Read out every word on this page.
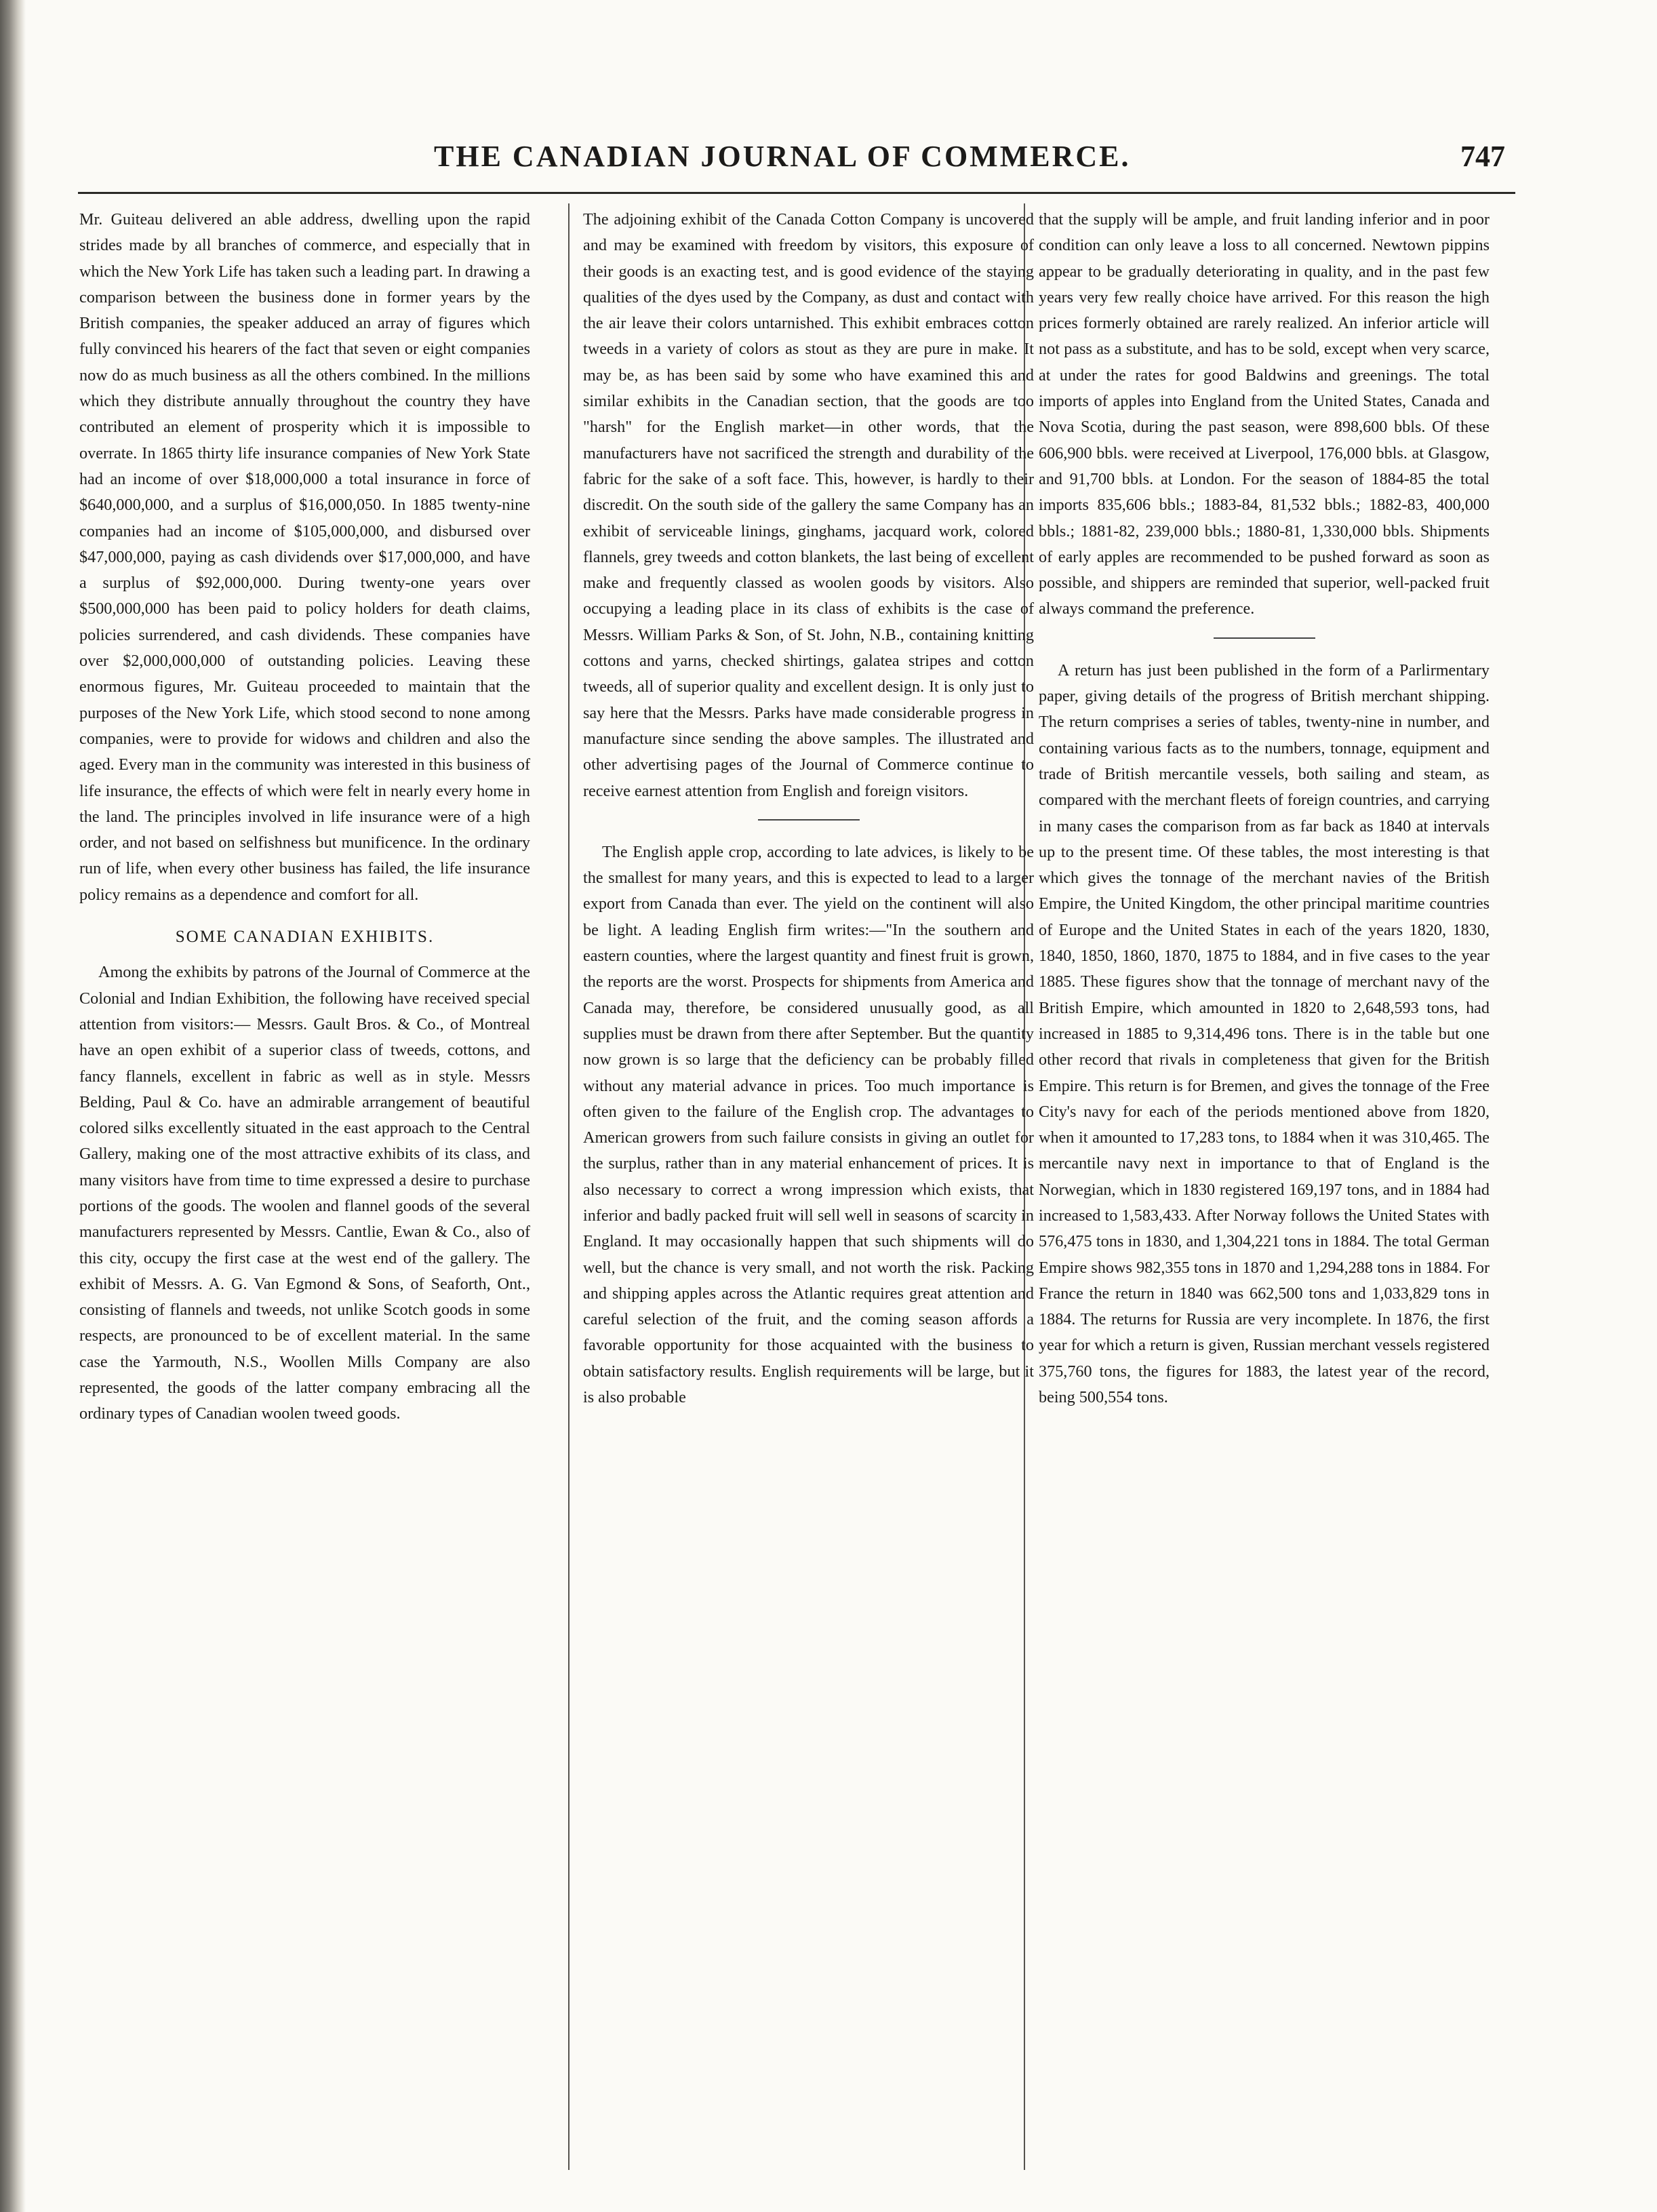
THE CANADIAN JOURNAL OF COMMERCE.	747

Mr. Guiteau delivered an able address, dwelling upon the rapid strides made by all branches of commerce, and especially that in which the New York Life has taken such a leading part. In drawing a comparison between the business done in former years by the British companies, the speaker adduced an array of figures which fully convinced his hearers of the fact that seven or eight companies now do as much business as all the others combined. In the millions which they distribute annually throughout the country they have contributed an element of prosperity which it is impossible to overrate. In 1865 thirty life insurance companies of New York State had an income of over $18,000,000 a total insurance in force of $640,000,000, and a surplus of $16,000,050. In 1885 twenty-nine companies had an income of $105,000,000, and disbursed over $47,000,000, paying as cash dividends over $17,000,000, and have a surplus of $92,000,000. During twenty-one years over $500,000,000 has been paid to policy holders for death claims, policies surrendered, and cash dividends. These companies have over $2,000,000,000 of outstanding policies. Leaving these enormous figures, Mr. Guiteau proceeded to maintain that the purposes of the New York Life, which stood second to none among companies, were to provide for widows and children and also the aged. Every man in the community was interested in this business of life insurance, the effects of which were felt in nearly every home in the land. The principles involved in life insurance were of a high order, and not based on selfishness but munificence. In the ordinary run of life, when every other business has failed, the life insurance policy remains as a dependence and comfort for all.

SOME CANADIAN EXHIBITS.

Among the exhibits by patrons of the Journal of Commerce at the Colonial and Indian Exhibition, the following have received special attention from visitors:— Messrs. Gault Bros. & Co., of Montreal have an open exhibit of a superior class of tweeds, cottons, and fancy flannels, excellent in fabric as well as in style. Messrs Belding, Paul & Co. have an admirable arrangement of beautiful colored silks excellently situated in the east approach to the Central Gallery, making one of the most attractive exhibits of its class, and many visitors have from time to time expressed a desire to purchase portions of the goods. The woolen and flannel goods of the several manufacturers represented by Messrs. Cantlie, Ewan & Co., also of this city, occupy the first case at the west end of the gallery. The exhibit of Messrs. A. G. Van Egmond & Sons, of Seaforth, Ont., consisting of flannels and tweeds, not unlike Scotch goods in some respects, are pronounced to be of excellent material. In the same case the Yarmouth, N.S., Woollen Mills Company are also represented, the goods of the latter company embracing all the ordinary types of Canadian woolen tweed goods.

The adjoining exhibit of the Canada Cotton Company is uncovered and may be examined with freedom by visitors, this exposure of their goods is an exacting test, and is good evidence of the staying qualities of the dyes used by the Company, as dust and contact with the air leave their colors untarnished. This exhibit embraces cotton tweeds in a variety of colors as stout as they are pure in make. It may be, as has been said by some who have examined this and similar exhibits in the Canadian section, that the goods are too "harsh" for the English market—in other words, that the manufacturers have not sacrificed the strength and durability of the fabric for the sake of a soft face. This, however, is hardly to their discredit. On the south side of the gallery the same Company has an exhibit of serviceable linings, ginghams, jacquard work, colored flannels, grey tweeds and cotton blankets, the last being of excellent make and frequently classed as woolen goods by visitors. Also occupying a leading place in its class of exhibits is the case of Messrs. William Parks & Son, of St. John, N.B., containing knitting cottons and yarns, checked shirtings, galatea stripes and cotton tweeds, all of superior quality and excellent design. It is only just to say here that the Messrs. Parks have made considerable progress in manufacture since sending the above samples. The illustrated and other advertising pages of the Journal of Commerce continue to receive earnest attention from English and foreign visitors.

The English apple crop, according to late advices, is likely to be the smallest for many years, and this is expected to lead to a larger export from Canada than ever. The yield on the continent will also be light. A leading English firm writes:—"In the southern and eastern counties, where the largest quantity and finest fruit is grown, the reports are the worst. Prospects for shipments from America and Canada may, therefore, be considered unusually good, as all supplies must be drawn from there after September. But the quantity now grown is so large that the deficiency can be probably filled without any material advance in prices. Too much importance is often given to the failure of the English crop. The advantages to American growers from such failure consists in giving an outlet for the surplus, rather than in any material enhancement of prices. It is also necessary to correct a wrong impression which exists, that inferior and badly packed fruit will sell well in seasons of scarcity in England. It may occasionally happen that such shipments will do well, but the chance is very small, and not worth the risk. Packing and shipping apples across the Atlantic requires great attention and careful selection of the fruit, and the coming season affords a favorable opportunity for those acquainted with the business to obtain satisfactory results. English requirements will be large, but it is also probable

that the supply will be ample, and fruit landing inferior and in poor condition can only leave a loss to all concerned. Newtown pippins appear to be gradually deteriorating in quality, and in the past few years very few really choice have arrived. For this reason the high prices formerly obtained are rarely realized. An inferior article will not pass as a substitute, and has to be sold, except when very scarce, at under the rates for good Baldwins and greenings. The total imports of apples into England from the United States, Canada and Nova Scotia, during the past season, were 898,600 bbls. Of these 606,900 bbls. were received at Liverpool, 176,000 bbls. at Glasgow, and 91,700 bbls. at London. For the season of 1884-85 the total imports 835,606 bbls.; 1883-84, 81,532 bbls.; 1882-83, 400,000 bbls.; 1881-82, 239,000 bbls.; 1880-81, 1,330,000 bbls. Shipments of early apples are recommended to be pushed forward as soon as possible, and shippers are reminded that superior, well-packed fruit always command the preference.

A return has just been published in the form of a Parlirmentary paper, giving details of the progress of British merchant shipping. The return comprises a series of tables, twenty-nine in number, and containing various facts as to the numbers, tonnage, equipment and trade of British mercantile vessels, both sailing and steam, as compared with the merchant fleets of foreign countries, and carrying in many cases the comparison from as far back as 1840 at intervals up to the present time. Of these tables, the most interesting is that which gives the tonnage of the merchant navies of the British Empire, the United Kingdom, the other principal maritime countries of Europe and the United States in each of the years 1820, 1830, 1840, 1850, 1860, 1870, 1875 to 1884, and in five cases to the year 1885. These figures show that the tonnage of merchant navy of the British Empire, which amounted in 1820 to 2,648,593 tons, had increased in 1885 to 9,314,496 tons. There is in the table but one other record that rivals in completeness that given for the British Empire. This return is for Bremen, and gives the tonnage of the Free City's navy for each of the periods mentioned above from 1820, when it amounted to 17,283 tons, to 1884 when it was 310,465. The mercantile navy next in importance to that of England is the Norwegian, which in 1830 registered 169,197 tons, and in 1884 had increased to 1,583,433. After Norway follows the United States with 576,475 tons in 1830, and 1,304,221 tons in 1884. The total German Empire shows 982,355 tons in 1870 and 1,294,288 tons in 1884. For France the return in 1840 was 662,500 tons and 1,033,829 tons in 1884. The returns for Russia are very incomplete. In 1876, the first year for which a return is given, Russian merchant vessels registered 375,760 tons, the figures for 1883, the latest year of the record, being 500,554 tons.
